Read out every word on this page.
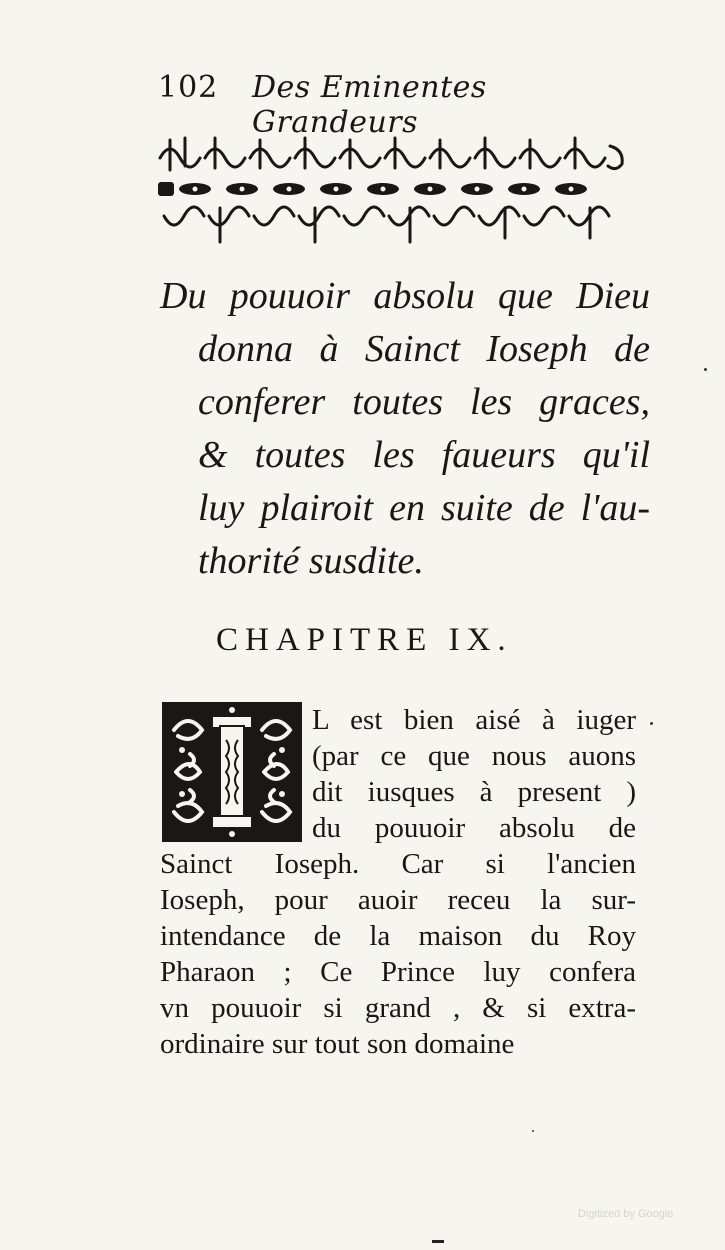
102 Des Eminentes Grandeurs
Du pouuoir absolu que Dieu
donna à Sainct Ioseph de
conferer toutes les graces,
& toutes les faueurs qu'il
luy plairoit en suite de l'au-
thorité susdite.
CHAPITRE IX.
L est bien aisé à iuger
(par ce que nous auons
dit iusques à present )
du pouuoir absolu de
Sainct Ioseph. Car si l'ancien
Ioseph, pour auoir receu la sur-
intendance de la maison du Roy
Pharaon ; Ce Prince luy confera
vn pouuoir si grand , & si extra-
ordinaire sur tout son domaine
Digitized by Google
